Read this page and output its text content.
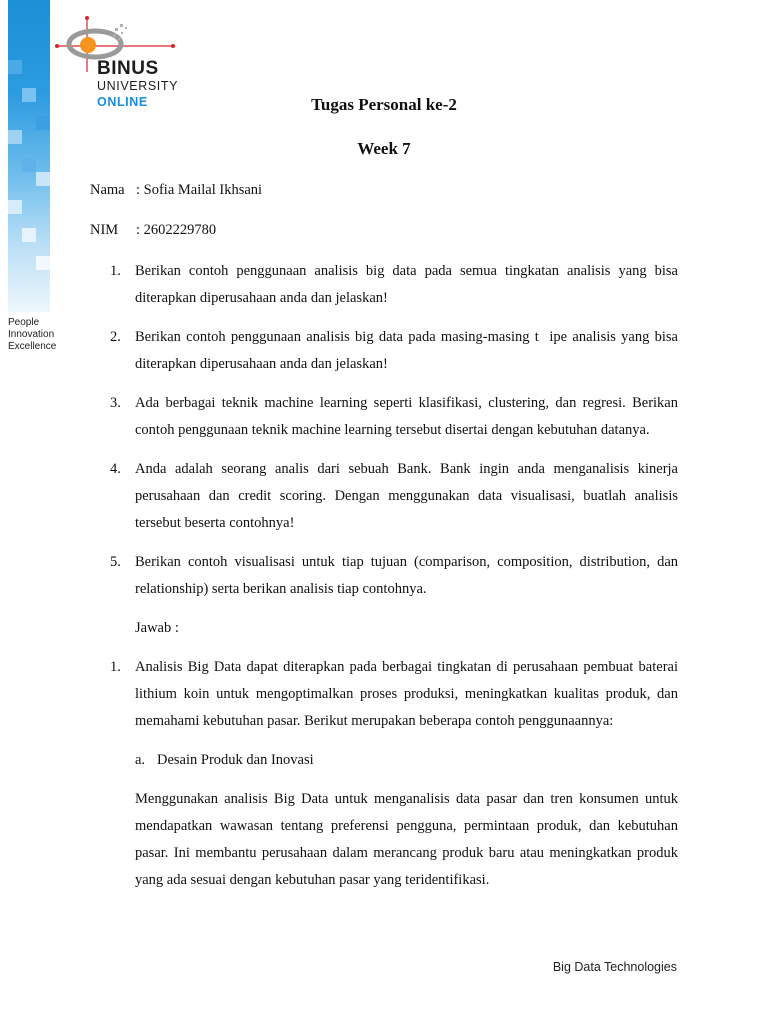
People
Innovation
Excellence
BINUS
UNIVERSITY
ONLINE	Tugas Personal ke-2
Week 7
Nama : Sofia Mailal Ikhsani
NIM : 2602229780
1. Berikan contoh penggunaan analisis big data pada semua tingkatan analisis yang bisa diterapkan diperusahaan anda dan jelaskan!
2. Berikan contoh penggunaan analisis big data pada masing-masing t  ipe analisis yang bisa diterapkan diperusahaan anda dan jelaskan!
3. Ada berbagai teknik machine learning seperti klasifikasi, clustering, dan regresi. Berikan contoh penggunaan teknik machine learning tersebut disertai dengan kebutuhan datanya.
4. Anda adalah seorang analis dari sebuah Bank. Bank ingin anda menganalisis kinerja perusahaan dan credit scoring. Dengan menggunakan data visualisasi, buatlah analisis tersebut beserta contohnya!
5. Berikan contoh visualisasi untuk tiap tujuan (comparison, composition, distribution, dan relationship) serta berikan analisis tiap contohnya.

Jawab :

1. Analisis Big Data dapat diterapkan pada berbagai tingkatan di perusahaan pembuat baterai lithium koin untuk mengoptimalkan proses produksi, meningkatkan kualitas produk, dan memahami kebutuhan pasar. Berikut merupakan beberapa contoh penggunaannya:
a. Desain Produk dan Inovasi

Menggunakan analisis Big Data untuk menganalisis data pasar dan tren konsumen untuk mendapatkan wawasan tentang preferensi pengguna, permintaan produk, dan kebutuhan pasar. Ini membantu perusahaan dalam merancang produk baru atau meningkatkan produk yang ada sesuai dengan kebutuhan pasar yang teridentifikasi.

Big Data Technologies
